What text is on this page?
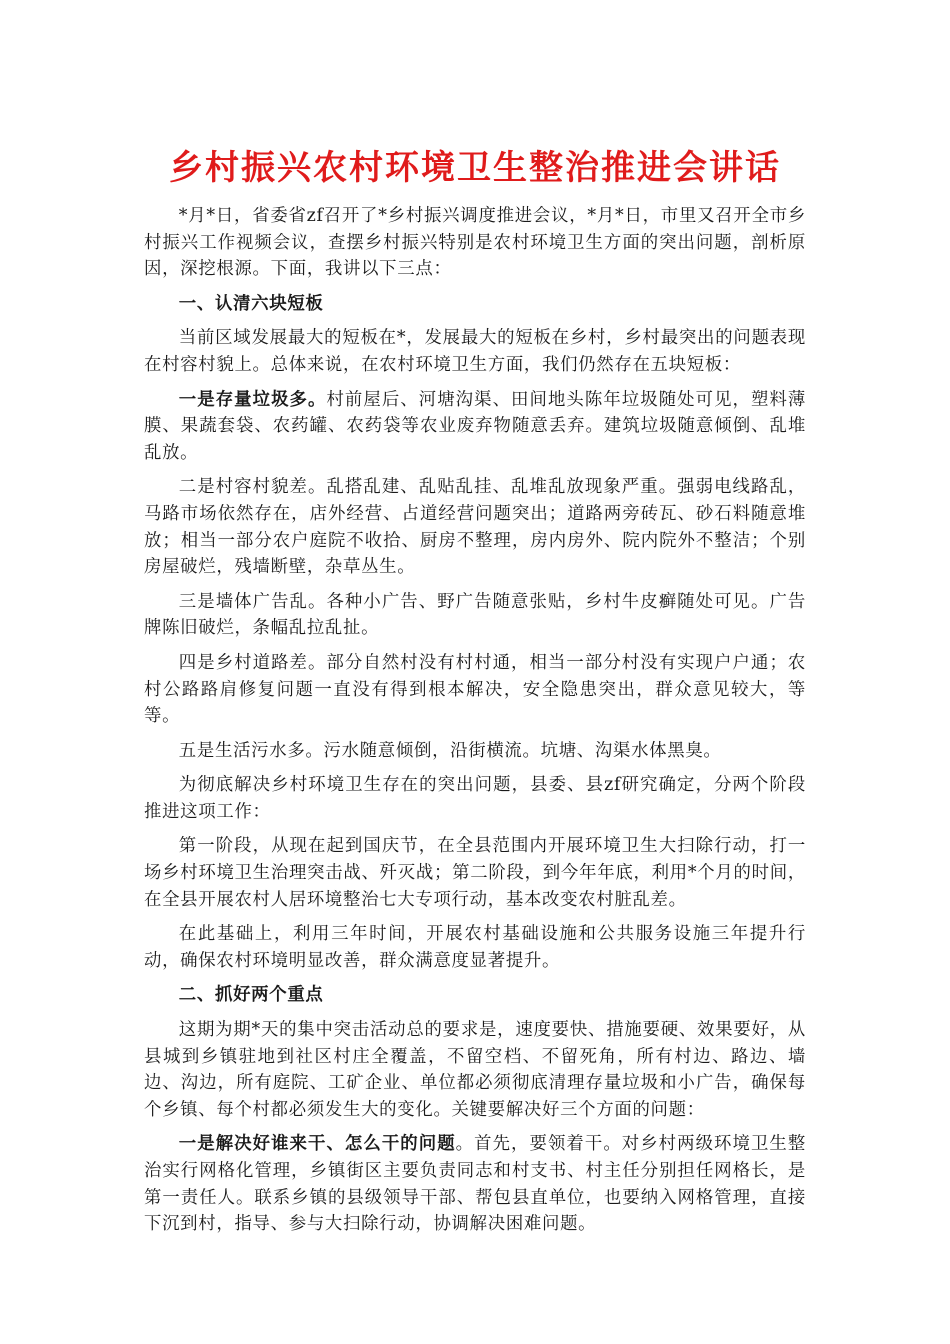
乡村振兴农村环境卫生整治推进会讲话

*月*日，省委省zf召开了*乡村振兴调度推进会议，*月*日，市里又召开全市乡村振兴工作视频会议，查摆乡村振兴特别是农村环境卫生方面的突出问题，剖析原因，深挖根源。下面，我讲以下三点：

一、认清六块短板

当前区域发展最大的短板在*，发展最大的短板在乡村，乡村最突出的问题表现在村容村貌上。总体来说，在农村环境卫生方面，我们仍然存在五块短板：

一是存量垃圾多。村前屋后、河塘沟渠、田间地头陈年垃圾随处可见，塑料薄膜、果蔬套袋、农药罐、农药袋等农业废弃物随意丢弃。建筑垃圾随意倾倒、乱堆乱放。

二是村容村貌差。乱搭乱建、乱贴乱挂、乱堆乱放现象严重。强弱电线路乱，马路市场依然存在，店外经营、占道经营问题突出；道路两旁砖瓦、砂石料随意堆放；相当一部分农户庭院不收拾、厨房不整理，房内房外、院内院外不整洁；个别房屋破烂，残墙断壁，杂草丛生。

三是墙体广告乱。各种小广告、野广告随意张贴，乡村牛皮癣随处可见。广告牌陈旧破烂，条幅乱拉乱扯。

四是乡村道路差。部分自然村没有村村通，相当一部分村没有实现户户通；农村公路路肩修复问题一直没有得到根本解决，安全隐患突出，群众意见较大，等等。

五是生活污水多。污水随意倾倒，沿街横流。坑塘、沟渠水体黑臭。

为彻底解决乡村环境卫生存在的突出问题，县委、县zf研究确定，分两个阶段推进这项工作：

第一阶段，从现在起到国庆节，在全县范围内开展环境卫生大扫除行动，打一场乡村环境卫生治理突击战、歼灭战；第二阶段，到今年年底，利用*个月的时间，在全县开展农村人居环境整治七大专项行动，基本改变农村脏乱差。

在此基础上，利用三年时间，开展农村基础设施和公共服务设施三年提升行动，确保农村环境明显改善，群众满意度显著提升。

二、抓好两个重点

这期为期*天的集中突击活动总的要求是，速度要快、措施要硬、效果要好，从县城到乡镇驻地到社区村庄全覆盖，不留空档、不留死角，所有村边、路边、墙边、沟边，所有庭院、工矿企业、单位都必须彻底清理存量垃圾和小广告，确保每个乡镇、每个村都必须发生大的变化。关键要解决好三个方面的问题：

一是解决好谁来干、怎么干的问题。首先，要领着干。对乡村两级环境卫生整治实行网格化管理，乡镇街区主要负责同志和村支书、村主任分别担任网格长，是第一责任人。联系乡镇的县级领导干部、帮包县直单位，也要纳入网格管理，直接下沉到村，指导、参与大扫除行动，协调解决困难问题。
